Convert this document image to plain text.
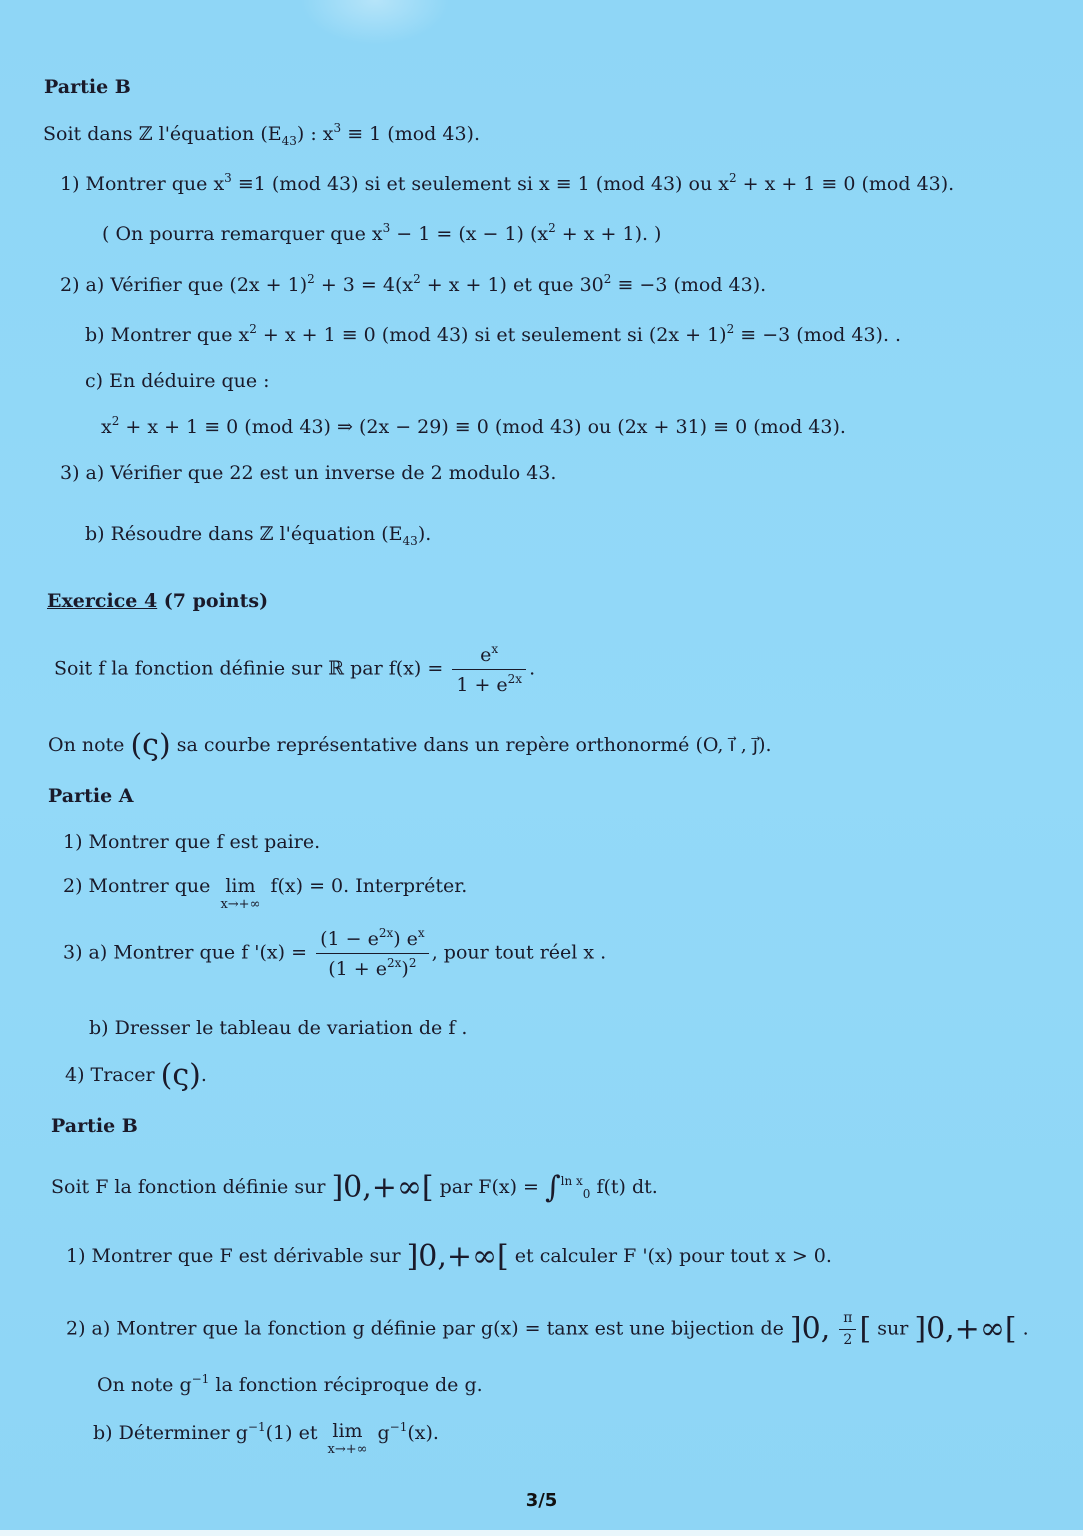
Partie B
Soit dans ℤ l'équation $(E_{43})$ : $x^3 \equiv 1$ (mod 43).
1) Montrer que $x^3 \equiv 1$ (mod 43) si et seulement si x ≡ 1 (mod 43) ou $x^2 + x + 1 \equiv 0$ (mod 43).
( On pourra remarquer que $x^3 - 1 = (x - 1) (x^2 + x + 1)$. )
2) a) Vérifier que $(2x + 1)^2 + 3 = 4(x^2 + x + 1)$ et que $30^2 \equiv -3$ (mod 43).
b) Montrer que $x^2 + x + 1 \equiv 0$ (mod 43) si et seulement si $(2x + 1)^2 \equiv -3$ (mod 43). .
c) En déduire que :
$x^2 + x + 1 \equiv 0$ (mod 43) ⇒ (2x − 29) ≡ 0 (mod 43) ou (2x + 31) ≡ 0 (mod 43).
3) a) Vérifier que 22 est un inverse de 2 modulo 43.
b) Résoudre dans ℤ l'équation $(E_{43})$.
Exercice 4 (7 points)
Soit f la fonction définie sur ℝ par $f(x) = \frac{e^x}{1 + e^{2x}}$ .
On note (ς) sa courbe représentative dans un repère orthonormé (O, i⃗ , j⃗).
Partie A
1) Montrer que f est paire.
2) Montrer que lim
x→+∞
f(x) = 0. Interpréter.
3) a) Montrer que f '$(x) = \frac{(1 - e^{2x}) e^x}{(1 + e^{2x})^2}$ , pour tout réel x .
b) Dresser le tableau de variation de f .
4) Tracer (ς).
Partie B
Soit F la fonction définie sur ]0,+∞[ par F(x) = ∫$^{ln x}_0$ f(t) dt.
1) Montrer que F est dérivable sur ]0,+∞[ et calculer F '(x) pour tout x > 0.
2) a) Montrer que la fonction g définie par g(x) = tanx est une bijection de ]0, $\frac{\pi}{2}$ [ sur ]0,+∞[ .
On note $g^{-1}$ la fonction réciproque de g.
b) Déterminer $g^{-1}(1)$ et lim
x→+∞
$g^{-1}(x)$.
3/5
